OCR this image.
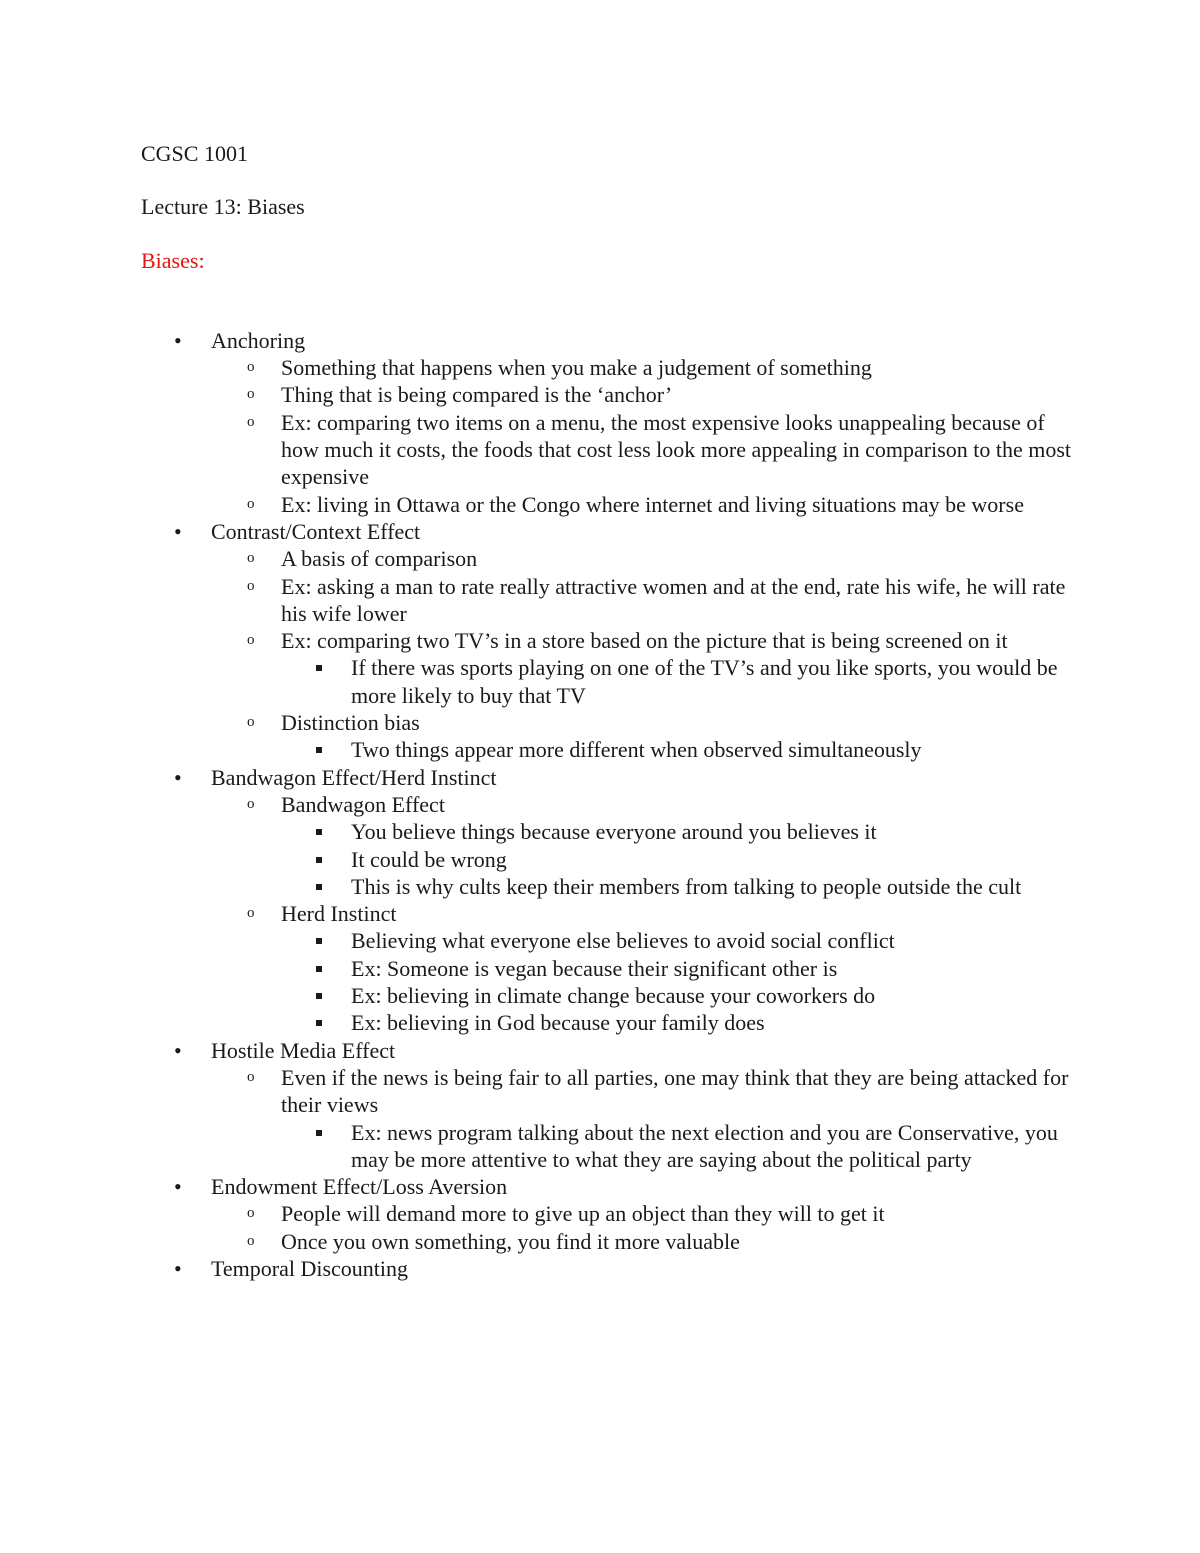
CGSC 1001

Lecture 13: Biases

Biases:

• Anchoring
o Something that happens when you make a judgement of something
o Thing that is being compared is the ‘anchor’
o Ex: comparing two items on a menu, the most expensive looks unappealing because of how much it costs, the foods that cost less look more appealing in comparison to the most expensive
o Ex: living in Ottawa or the Congo where internet and living situations may be worse
• Contrast/Context Effect
o A basis of comparison
o Ex: asking a man to rate really attractive women and at the end, rate his wife, he will rate his wife lower
o Ex: comparing two TV’s in a store based on the picture that is being screened on it
If there was sports playing on one of the TV’s and you like sports, you would be more likely to buy that TV
o Distinction bias
Two things appear more different when observed simultaneously
• Bandwagon Effect/Herd Instinct
o Bandwagon Effect
You believe things because everyone around you believes it
It could be wrong
This is why cults keep their members from talking to people outside the cult
o Herd Instinct
Believing what everyone else believes to avoid social conflict
Ex: Someone is vegan because their significant other is
Ex: believing in climate change because your coworkers do
Ex: believing in God because your family does
• Hostile Media Effect
o Even if the news is being fair to all parties, one may think that they are being attacked for their views
Ex: news program talking about the next election and you are Conservative, you may be more attentive to what they are saying about the political party
• Endowment Effect/Loss Aversion
o People will demand more to give up an object than they will to get it
o Once you own something, you find it more valuable
• Temporal Discounting
